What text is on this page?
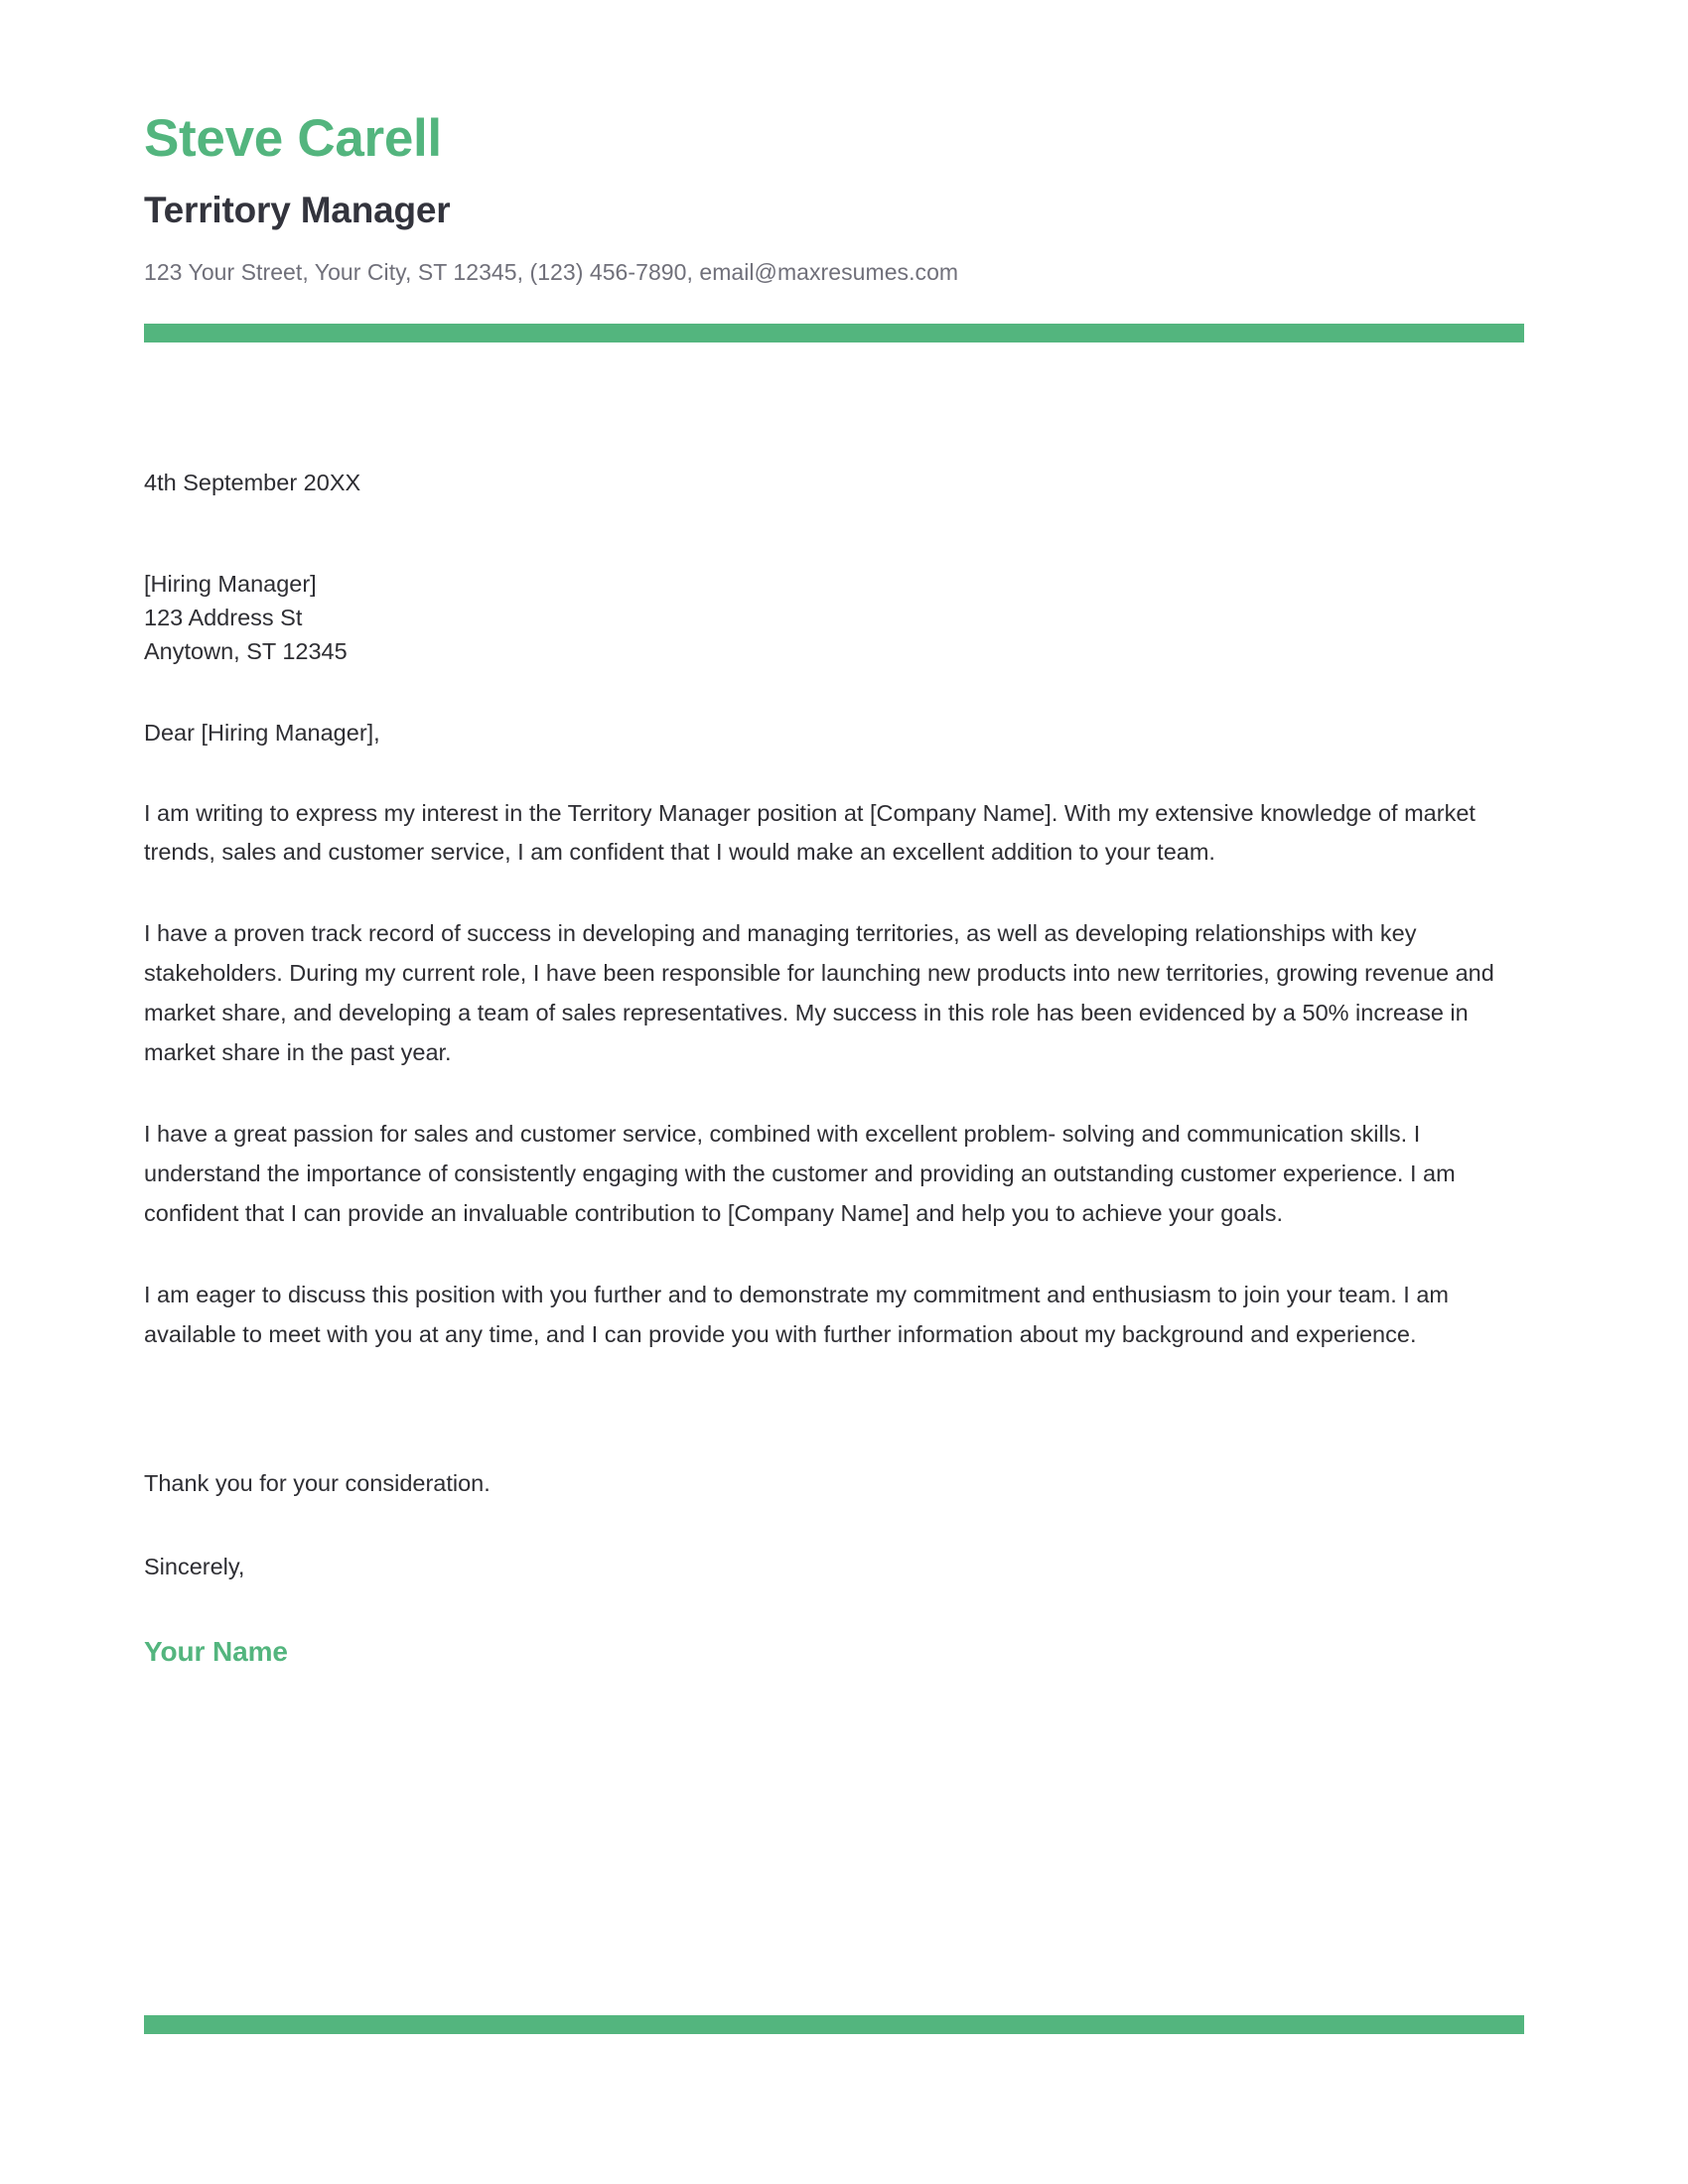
Steve Carell
Territory Manager

123 Your Street, Your City, ST 12345, (123) 456-7890, email@maxresumes.com

4th September 20XX

[Hiring Manager]
123 Address St
Anytown, ST 12345

Dear [Hiring Manager],

I am writing to express my interest in the Territory Manager position at [Company Name]. With my extensive knowledge of market trends, sales and customer service, I am confident that I would make an excellent addition to your team.

I have a proven track record of success in developing and managing territories, as well as developing relationships with key stakeholders. During my current role, I have been responsible for launching new products into new territories, growing revenue and market share, and developing a team of sales representatives. My success in this role has been evidenced by a 50% increase in market share in the past year.

I have a great passion for sales and customer service, combined with excellent problem- solving and communication skills. I understand the importance of consistently engaging with the customer and providing an outstanding customer experience. I am confident that I can provide an invaluable contribution to [Company Name] and help you to achieve your goals.

I am eager to discuss this position with you further and to demonstrate my commitment and enthusiasm to join your team. I am available to meet with you at any time, and I can provide you with further information about my background and experience.

Thank you for your consideration.

Sincerely,

Your Name
